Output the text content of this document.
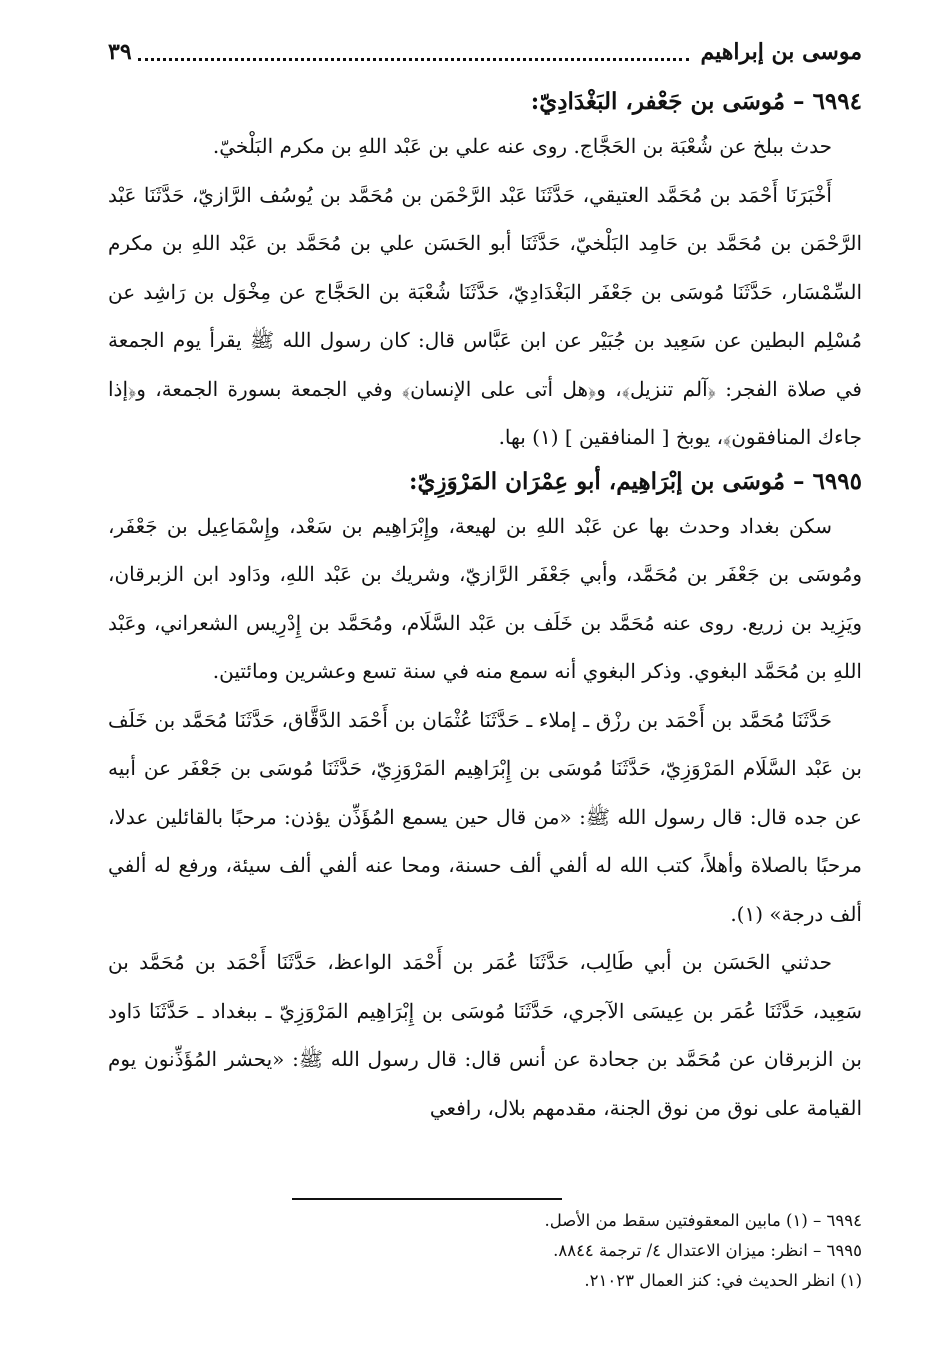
موسى بن إبراهيم
٣٩
٦٩٩٤ – مُوسَى بن جَعْفر، البَغْدَادِيّ:

حدث ببلخ عن شُعْبَة بن الحَجَّاج. روى عنه علي بن عَبْد اللهِ بن مكرم البَلْخيّ.

أَخْبَرَنَا أَحْمَد بن مُحَمَّد العتيقي، حَدَّثَنَا عَبْد الرَّحْمَن بن مُحَمَّد بن يُوسُف الرَّازيّ، حَدَّثَنَا عَبْد الرَّحْمَن بن مُحَمَّد بن حَامِد البَلْخيّ، حَدَّثَنَا أبو الحَسَن علي بن مُحَمَّد بن عَبْد اللهِ بن مكرم السِّمْسَار، حَدَّثَنَا مُوسَى بن جَعْفَر البَغْدَادِيّ، حَدَّثَنَا شُعْبَة بن الحَجَّاج عن مِخْوَل بن رَاشِد عن مُسْلِم البطين عن سَعِيد بن جُبَيْر عن ابن عَبَّاس قال: كان رسول الله ﷺ يقرأ يوم الجمعة في صلاة الفجر: ﴿آلم تنزيل﴾، و﴿هل أتى على الإنسان﴾ وفي الجمعة بسورة الجمعة، و﴿إذا جاءك المنافقون﴾، يوبخ [ المنافقين ] (١) بها.

٦٩٩٥ – مُوسَى بن إبْرَاهِيم، أبو عِمْرَان المَرْوَزِيّ:

سكن بغداد وحدث بها عن عَبْد اللهِ بن لهيعة، وإِبْرَاهِيم بن سَعْد، وإِسْمَاعِيل بن جَعْفَر، ومُوسَى بن جَعْفَر بن مُحَمَّد، وأبي جَعْفَر الرَّازيّ، وشريك بن عَبْد اللهِ، ودَاود ابن الزبرقان، ويَزِيد بن زريع. روى عنه مُحَمَّد بن خَلَف بن عَبْد السَّلَام، ومُحَمَّد بن إِدْرِيس الشعراني، وعَبْد اللهِ بن مُحَمَّد البغوي. وذكر البغوي أنه سمع منه في سنة تسع وعشرين ومائتين.

حَدَّثَنَا مُحَمَّد بن أَحْمَد بن رزْق ـ إملاء ـ حَدَّثَنَا عُثْمَان بن أَحْمَد الدَّقَّاق، حَدَّثَنَا مُحَمَّد بن خَلَف بن عَبْد السَّلَام المَرْوَزِيّ، حَدَّثَنَا مُوسَى بن إِبْرَاهِيم المَرْوَزِيّ، حَدَّثَنَا مُوسَى بن جَعْفَر عن أبيه عن جده قال: قال رسول الله ﷺ: «من قال حين يسمع المُؤَذِّن يؤذن: مرحبًا بالقائلين عدلا، مرحبًا بالصلاة وأهلاً، كتب الله له ألفي ألف حسنة، ومحا عنه ألفي ألف سيئة، ورفع له ألفي ألف درجة» (١).

حدثني الحَسَن بن أبي طَالِب، حَدَّثَنَا عُمَر بن أَحْمَد الواعظ، حَدَّثَنَا أَحْمَد بن مُحَمَّد بن سَعِيد، حَدَّثَنَا عُمَر بن عِيسَى الآجري، حَدَّثَنَا مُوسَى بن إِبْرَاهِيم المَرْوَزِيّ ـ ببغداد ـ حَدَّثَنَا دَاود بن الزبرقان عن مُحَمَّد بن جحادة عن أنس قال: قال رسول الله ﷺ: «يحشر المُؤَذِّنون يوم القيامة على نوق من نوق الجنة، مقدمهم بلال، رافعي

٦٩٩٤ – (١) مابين المعقوفتين سقط من الأصل.
٦٩٩٥ – انظر: ميزان الاعتدال ٤/ ترجمة ٨٨٤٤.
(١) انظر الحديث في: كنز العمال ٢١٠٢٣.
